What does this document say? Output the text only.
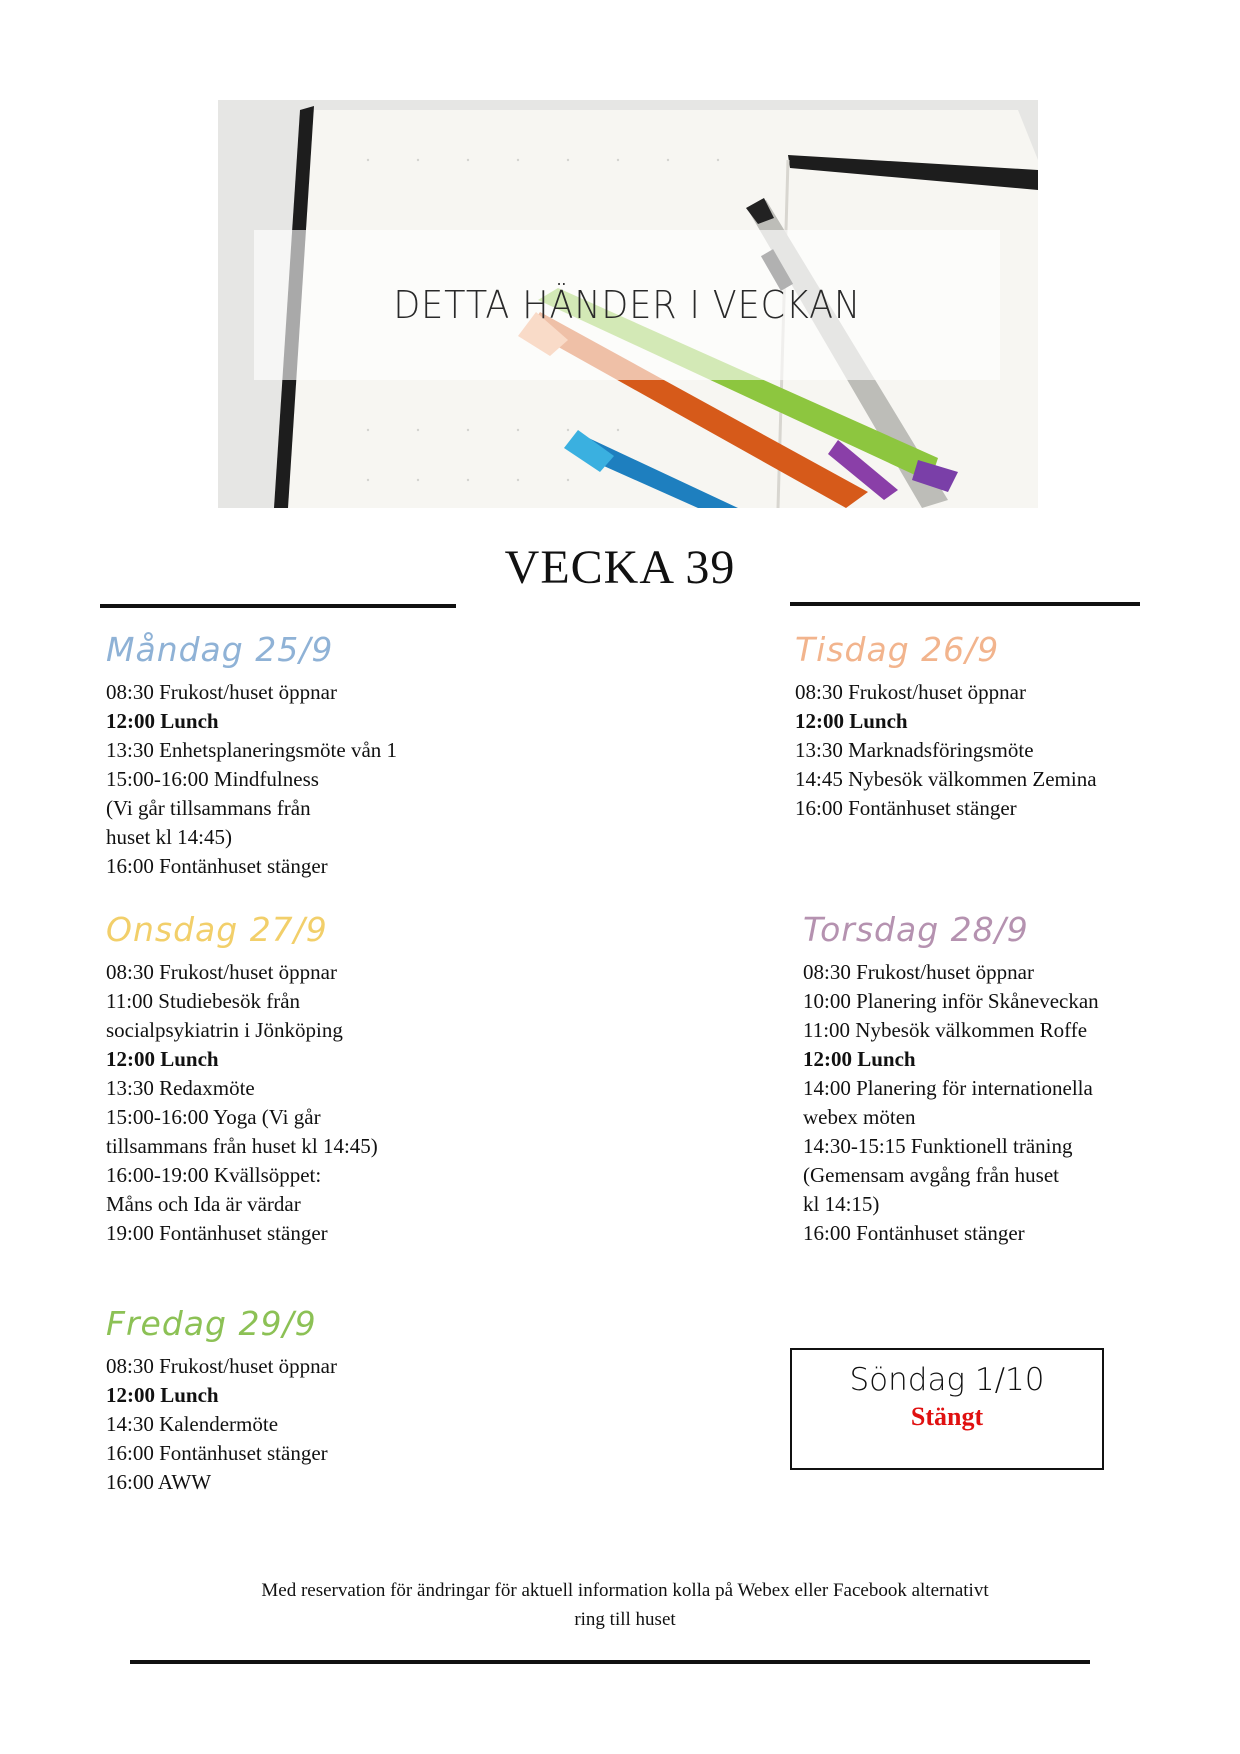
DETTA HÄNDER I VECKAN
VECKA 39
Måndag 25/9
08:30 Frukost/huset öppnar
12:00 Lunch
13:30 Enhetsplaneringsmöte vån 1
15:00-16:00 Mindfulness
(Vi går tillsammans från
huset kl 14:45)
16:00 Fontänhuset stänger
Tisdag 26/9
08:30 Frukost/huset öppnar
12:00 Lunch
13:30 Marknadsföringsmöte
14:45 Nybesök välkommen Zemina
16:00 Fontänhuset stänger
Onsdag 27/9
08:30 Frukost/huset öppnar
11:00 Studiebesök från
socialpsykiatrin i Jönköping
12:00 Lunch
13:30 Redaxmöte
15:00-16:00 Yoga (Vi går
tillsammans från huset kl 14:45)
16:00-19:00 Kvällsöppet:
Måns och Ida är värdar
19:00 Fontänhuset stänger
Torsdag 28/9
08:30 Frukost/huset öppnar
10:00 Planering inför Skåneveckan
11:00 Nybesök välkommen Roffe
12:00 Lunch
14:00 Planering för internationella
webex möten
14:30-15:15 Funktionell träning
(Gemensam avgång från huset
kl 14:15)
16:00 Fontänhuset stänger
Fredag 29/9
08:30 Frukost/huset öppnar
12:00 Lunch
14:30 Kalendermöte
16:00 Fontänhuset stänger
16:00 AWW
Söndag 1/10
Stängt
Med reservation för ändringar för aktuell information kolla på Webex eller Facebook alternativt
ring till huset
